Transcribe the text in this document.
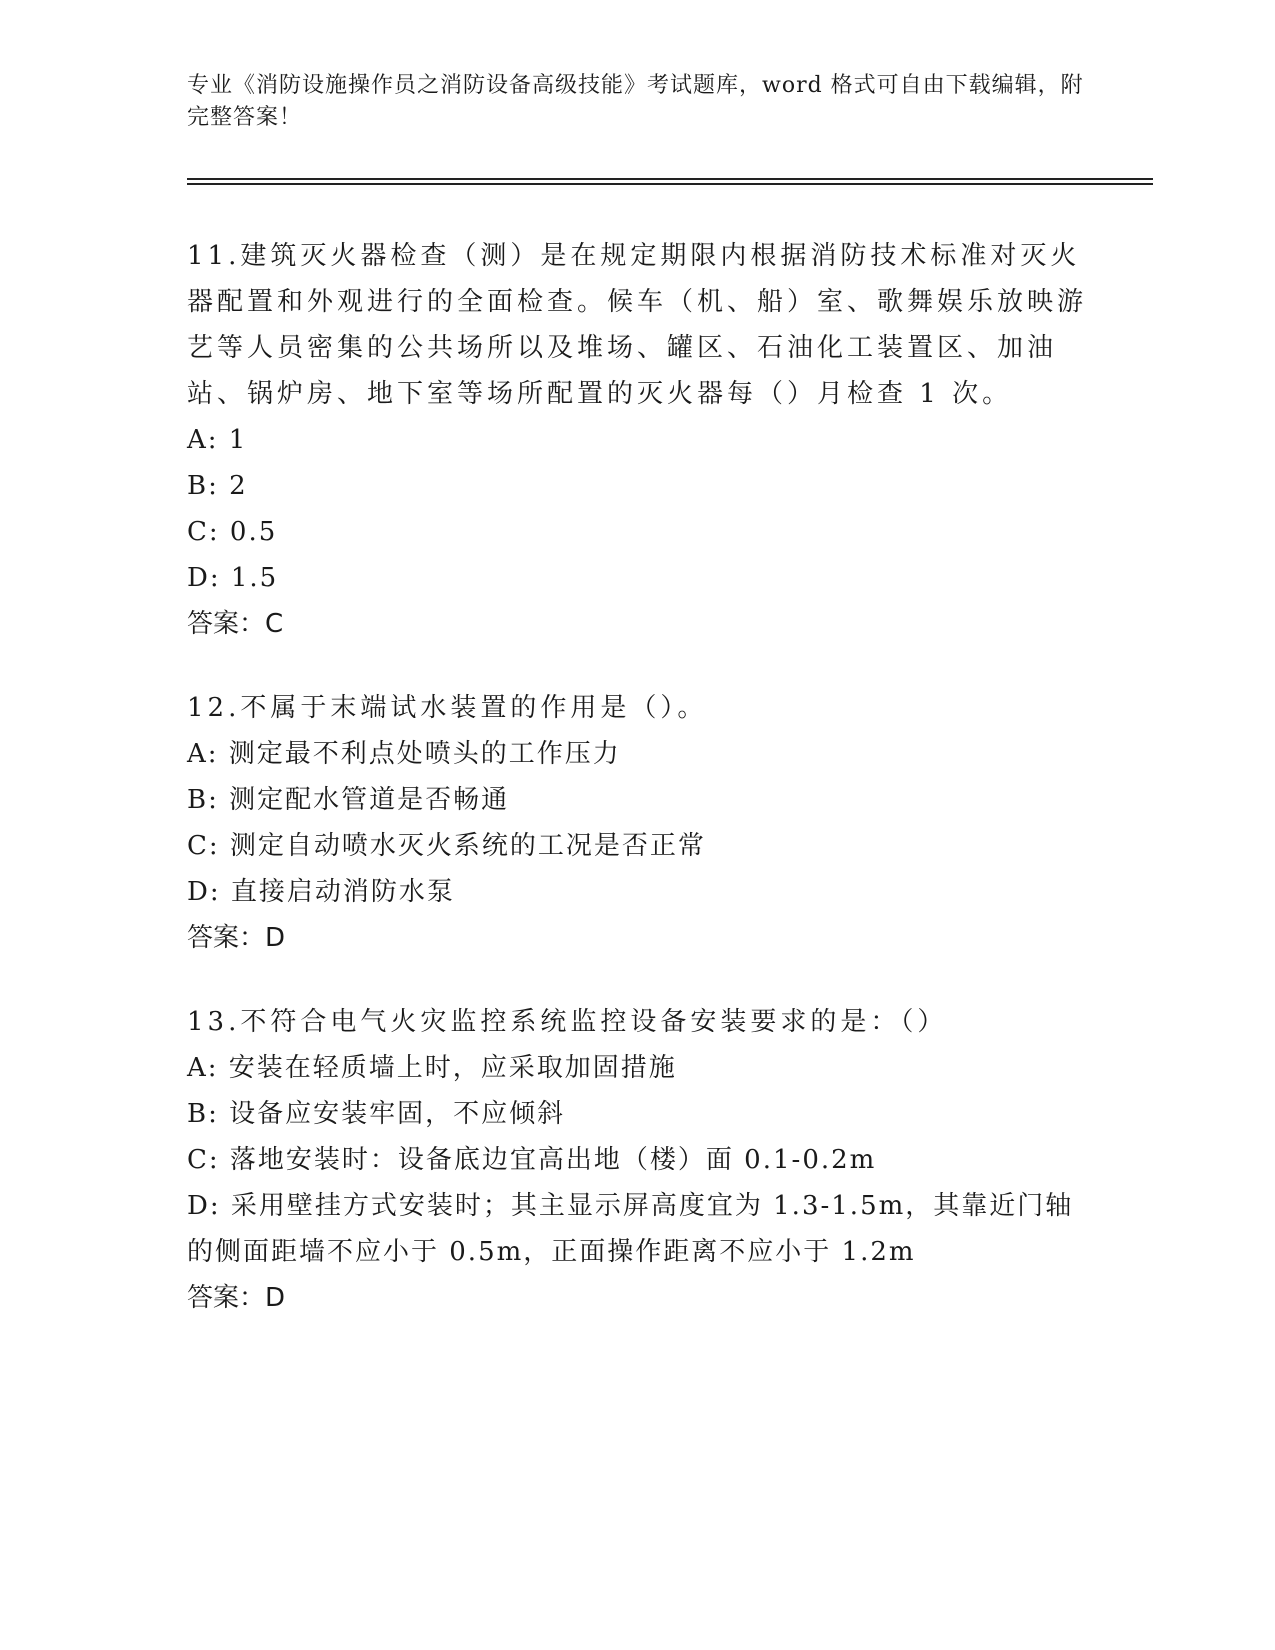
专业《消防设施操作员之消防设备高级技能》考试题库，word 格式可自由下载编辑，附完整答案！

11.建筑灭火器检查（测）是在规定期限内根据消防技术标准对灭火器配置和外观进行的全面检查。候车（机、船）室、歌舞娱乐放映游艺等人员密集的公共场所以及堆场、罐区、石油化工装置区、加油站、锅炉房、地下室等场所配置的灭火器每（）月检查 1 次。

A: 1

B: 2

C: 0.5

D: 1.5

答案：C

12.不属于末端试水装置的作用是（）。

A: 测定最不利点处喷头的工作压力

B: 测定配水管道是否畅通

C: 测定自动喷水灭火系统的工况是否正常

D: 直接启动消防水泵

答案：D

13.不符合电气火灾监控系统监控设备安装要求的是：（）

A: 安装在轻质墙上时，应采取加固措施

B: 设备应安装牢固，不应倾斜

C: 落地安装时：设备底边宜高出地（楼）面 0.1-0.2m

D: 采用壁挂方式安装时；其主显示屏高度宜为 1.3-1.5m，其靠近门轴的侧面距墙不应小于 0.5m，正面操作距离不应小于 1.2m

答案：D
